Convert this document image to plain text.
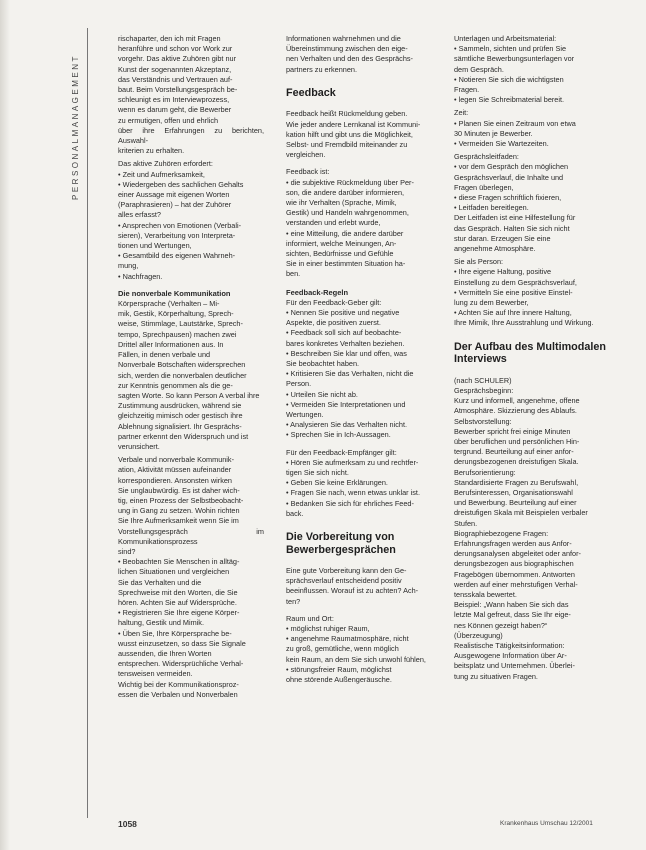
PERSONALMANAGEMENT

rischaparter, den ich mit Fragen

heranführe und schon vor Work zur

vorgehr. Das aktive Zuhören gibt nur

Kunst der sogenannten Akzeptanz,

das Verständnis und Vertrauen auf-

baut. Beim Vorstellungsgespräch be-

schleunigt es im Interviewprozess,

wenn es darum geht, die Bewerber

zu ermutigen, offen und ehrlich

über ihre Erfahrungen zu berichten, Auswahl-

kriterien zu erhalten.

Das aktive Zuhören erfordert:

• Zeit und Aufmerksamkeit,

• Wiedergeben des sachlichen Gehalts

einer Aussage mit eigenen Worten

(Paraphrasieren) – hat der Zuhörer

alles erfasst?

• Ansprechen von Emotionen (Verbali-

sieren), Verarbeitung von Interpreta-

tionen und Wertungen,

• Gesamtbild des eigenen Wahrneh-

mung,

• Nachfragen.

Die nonverbale Kommunikation

Körpersprache (Verhalten – Mi-

mik, Gestik, Körperhaltung, Sprech-

weise, Stimmlage, Lautstärke, Sprech-

tempo, Sprechpausen) machen zwei

Drittel aller Informationen aus. In

Fällen, in denen verbale und

Nonverbale Botschaften widersprechen

sich, werden die nonverbalen deutlicher

zur Kenntnis genommen als die ge-

sagten Worte. So kann Person A verbal ihre

Zustimmung ausdrücken, während sie

gleichzeitig mimisch oder gestisch ihre

Ablehnung signalisiert. Ihr Gesprächs-

partner erkennt den Widerspruch und ist

verunsichert.

Verbale und nonverbale Kommunik-

ation, Aktivität müssen aufeinander

korrespondieren. Ansonsten wirken

Sie unglaubwürdig. Es ist daher wich-

tig, einen Prozess der Selbstbeobacht-

ung in Gang zu setzen. Wohin richten

Sie Ihre Aufmerksamkeit wenn Sie im

Vorstellungsgespräch im Kommunikationsprozess

sind?

• Beobachten Sie Menschen in alltäg-

lichen Situationen und vergleichen

Sie das Verhalten und die

Sprechweise mit den Worten, die Sie

hören. Achten Sie auf Widersprüche.

• Registrieren Sie Ihre eigene Körper-

haltung, Gestik und Mimik.

• Üben Sie, Ihre Körpersprache be-

wusst einzusetzen, so dass Sie Signale

aussenden, die Ihren Worten

entsprechen. Widersprüchliche Verhal-

tensweisen vermeiden.

Wichtig bei der Kommunikationsproz-

essen die Verbalen und Nonverbalen

Informationen wahrnehmen und die

Übereinstimmung zwischen den eige-

nen Verhalten und den des Gesprächs-

partners zu erkennen.

Feedback

Feedback heißt Rückmeldung geben.

Wie jeder andere Lernkanal ist Kommuni-

kation hilft und gibt uns die Möglichkeit,

Selbst- und Fremdbild miteinander zu

vergleichen.

Feedback ist:

• die subjektive Rückmeldung über Per-

son, die andere darüber informieren,

wie ihr Verhalten (Sprache, Mimik,

Gestik) und Handeln wahrgenommen,

verstanden und erlebt wurde,

• eine Mitteilung, die andere darüber

informiert, welche Meinungen, An-

sichten, Bedürfnisse und Gefühle

Sie in einer bestimmten Situation ha-

ben.

Feedback-Regeln

Für den Feedback-Geber gilt:

• Nennen Sie positive und negative

Aspekte, die positiven zuerst.

• Feedback soll sich auf beobachte-

bares konkretes Verhalten beziehen.

• Beschreiben Sie klar und offen, was

Sie beobachtet haben.

• Kritisieren Sie das Verhalten, nicht die

Person.

• Urteilen Sie nicht ab.

• Vermeiden Sie Interpretationen und

Wertungen.

• Analysieren Sie das Verhalten nicht.

• Sprechen Sie in Ich-Aussagen.

Für den Feedback-Empfänger gilt:

• Hören Sie aufmerksam zu und rechtfer-

tigen Sie sich nicht.

• Geben Sie keine Erklärungen.

• Fragen Sie nach, wenn etwas unklar ist.

• Bedanken Sie sich für ehrliches Feed-

back.

Die Vorbereitung von Bewerbergesprächen

Eine gute Vorbereitung kann den Ge-

sprächsverlauf entscheidend positiv

beeinflussen. Worauf ist zu achten? Ach-

ten?

Raum und Ort:

• möglichst ruhiger Raum,

• angenehme Raumatmosphäre, nicht

zu groß, gemütliche, wenn möglich

kein Raum, an dem Sie sich unwohl fühlen,

• störungsfreier Raum, möglichst

ohne störende Außengeräusche.

Unterlagen und Arbeitsmaterial:

• Sammeln, sichten und prüfen Sie

sämtliche Bewerbungsunterlagen vor

dem Gespräch.

• Notieren Sie sich die wichtigsten

Fragen.

• legen Sie Schreibmaterial bereit.

Zeit:

• Planen Sie einen Zeitraum von etwa

30 Minuten je Bewerber.

• Vermeiden Sie Wartezeiten.

Gesprächsleitfaden:

• vor dem Gespräch den möglichen

Gesprächsverlauf, die Inhalte und

Fragen überlegen,

• diese Fragen schriftlich fixieren,

• Leitfaden bereitlegen.

Der Leitfaden ist eine Hilfestellung für

das Gespräch. Halten Sie sich nicht

stur daran. Erzeugen Sie eine

angenehme Atmosphäre.

Sie als Person:

• Ihre eigene Haltung, positive

Einstellung zu dem Gesprächsverlauf,

• Vermitteln Sie eine positive Einstel-

lung zu dem Bewerber,

• Achten Sie auf Ihre innere Haltung,

Ihre Mimik, Ihre Ausstrahlung und Wirkung.

Der Aufbau des Multimodalen Interviews

(nach SCHULER)

Gesprächsbeginn:

Kurz und informell, angenehme, offene

Atmosphäre. Skizzierung des Ablaufs.

Selbstvorstellung:

Bewerber spricht frei einige Minuten

über beruflichen und persönlichen Hin-

tergrund. Beurteilung auf einer anfor-

derungsbezogenen dreistufigen Skala.

Berufsorientierung:

Standardisierte Fragen zu Berufswahl,

Berufsinteressen, Organisationswahl

und Bewerbung. Beurteilung auf einer

dreistufigen Skala mit Beispielen verbaler

Stufen.

Biographiebezogene Fragen:

Erfahrungsfragen werden aus Anfor-

derungsanalysen abgeleitet oder anfor-

derungsbezogen aus biographischen

Fragebögen übernommen. Antworten

werden auf einer mehrstufigen Verhal-

tensskala bewertet.

Beispiel: „Wann haben Sie sich das

letzte Mal gefreut, dass Sie Ihr eige-

nes Können gezeigt haben?“

(Überzeugung)

Realistische Tätigkeitsinformation:

Ausgewogene Information über Ar-

beitsplatz und Unternehmen. Überlei-

tung zu situativen Fragen.

1058	Krankenhaus Umschau 12/2001
